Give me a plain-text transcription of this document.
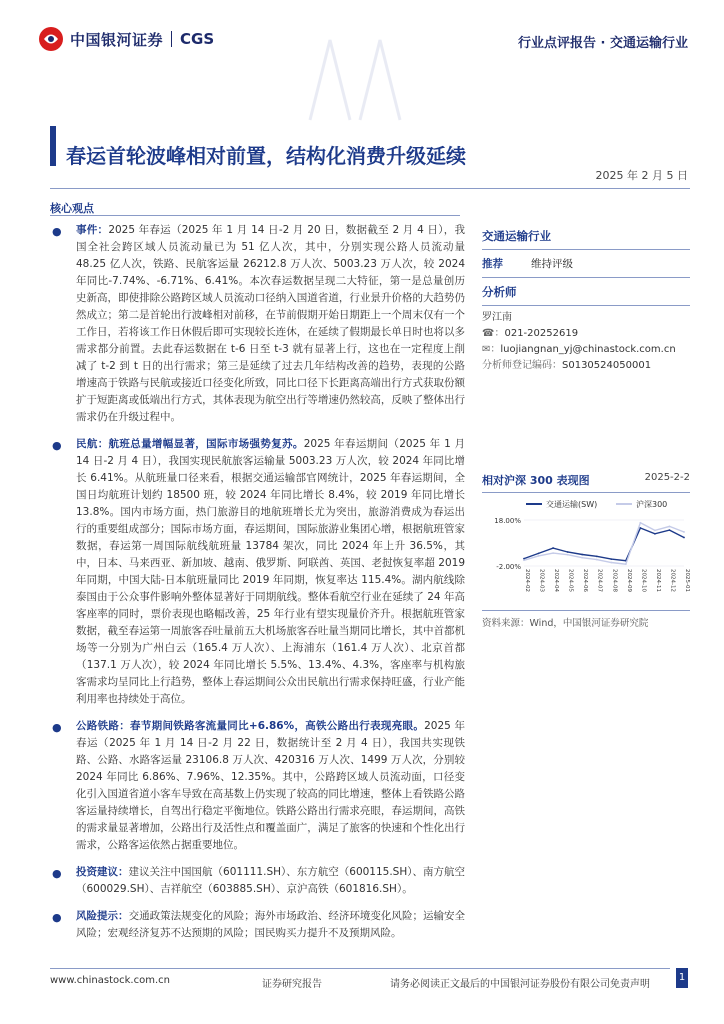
中国银河证券 CGS	行业点评报告 · 交通运输行业
春运首轮波峰相对前置，结构化消费升级延续
2025 年 2 月 5 日
核心观点
● 事件：2025 年春运（2025 年 1 月 14 日-2 月 20 日，数据截至 2 月 4 日），我国全社会跨区域人员流动量已为 51 亿人次，其中，分别实现公路人员流动量 48.25 亿人次，铁路、民航客运量 26212.8 万人次、5003.23 万人次，较 2024 年同比-7.74%、-6.71%、6.41%。本次春运数据呈现二大特征，第一是总量创历史新高，即使排除公路跨区域人员流动口径纳入国道省道，行业景升价格的大趋势仍然成立；第二是首轮出行波峰相对前移，在节前假期开始日期距上一个周末仅有一个工作日，若将该工作日休假后即可实现较长连休，在延续了假期最长单日时也将以多需求都分前置。去此春运数据在 t-6 日至 t-3 就有显著上行，这也在一定程度上削减了 t-2 到 t 日的出行需求；第三是延续了过去几年结构改善的趋势，表现的公路增速高于铁路与民航或接近口径变化所致，同比口径下长距离高端出行方式获取份额扩于短距离或低端出行方式，其体表现为航空出行等增速仍然较高，反映了整体出行需求仍在升级过程中。
● 民航：航班总量增幅显著，国际市场强势复苏。2025 年春运期间（2025 年 1 月 14 日-2 月 4 日），我国实现民航旅客运输量 5003.23 万人次，较 2024 年同比增长 6.41%。从航班量口径来看，根据交通运输部官网统计，2025 年春运期间，全国日均航班计划约 18500 班，较 2024 年同比增长 8.4%，较 2019 年同比增长 13.8%。国内市场方面，热门旅游目的地航班增长尤为突出，旅游消费成为春运出行的重要组成部分；国际市场方面，春运期间，国际旅游业集团心增，根据航班管家数据，春运第一周国际航线航班量 13784 架次，同比 2024 年上升 36.5%，其中，日本、马来西亚、新加坡、越南、俄罗斯、阿联酋、英国、老挝恢复率超 2019 年同期，中国大陆-日本航班量同比 2019 年同期，恢复率达 115.4%。湖内航线除泰国由于公众事件影响外整体显著好于同期航线。整体看航空行业在延续了 24 年高客座率的同时，票价表现也略幅改善，25 年行业有望实现量价齐升。根据航班管家数据，截至春运第一周旅客吞吐量前五大机场旅客吞吐量当期同比增长，其中首都机场等一分别为广州白云（165.4 万人次）、上海浦东（161.4 万人次）、北京首都（137.1 万人次），较 2024 年同比增长 5.5%、13.4%、4.3%，客座率与机构旅客需求均呈同比上行趋势，整体上春运期间公众出民航出行需求保持旺盛，行业产能利用率也持续处于高位。
● 公路铁路：春节期间铁路客流量同比+6.86%，高铁公路出行表现亮眼。2025 年春运（2025 年 1 月 14 日-2 月 22 日，数据统计至 2 月 4 日），我国共实现铁路、公路、水路客运量 23106.8 万人次、420316 万人次、1499 万人次，分别较 2024 年同比 6.86%、7.96%、12.35%。其中，公路跨区域人员流动面，口径变化引入国道省道小客车导致在高基数上仍实现了较高的同比增速，整体上看铁路公路客运量持续增长，自驾出行稳定平衡地位。铁路公路出行需求亮眼，春运期间，高铁的需求量显著增加，公路出行及活性点和覆盖面广，满足了旅客的快速和个性化出行需求，公路客运依然占据重要地位。
● 投资建议：建议关注中国国航（601111.SH）、东方航空（600115.SH）、南方航空（600029.SH）、吉祥航空（603885.SH）、京沪高铁（601816.SH）。
● 风险提示：交通政策法规变化的风险；海外市场政治、经济环境变化风险；运输安全风险；宏观经济复苏不达预期的风险；国民购买力提升不及预期风险。
交通运输行业
推荐	维持评级
分析师
罗江南
☎：021-20252619
✉：luojiangnan_yj@chinastock.com.cn
分析师登记编码：S0130524050001
相对沪深 300 表现图	2025-2-2
交通运输(SW)	沪深300
18.00%
-2.00%
2024-02 2024-03 2024-04 2024-05 2024-06 2024-07 2024-08 2024-09 2024-10 2024-11 2024-12 2025-01
资料来源：Wind，中国银河证券研究院
www.chinastock.com.cn	证券研究报告	请务必阅读正文最后的中国银河证券股份有限公司免责声明
1
